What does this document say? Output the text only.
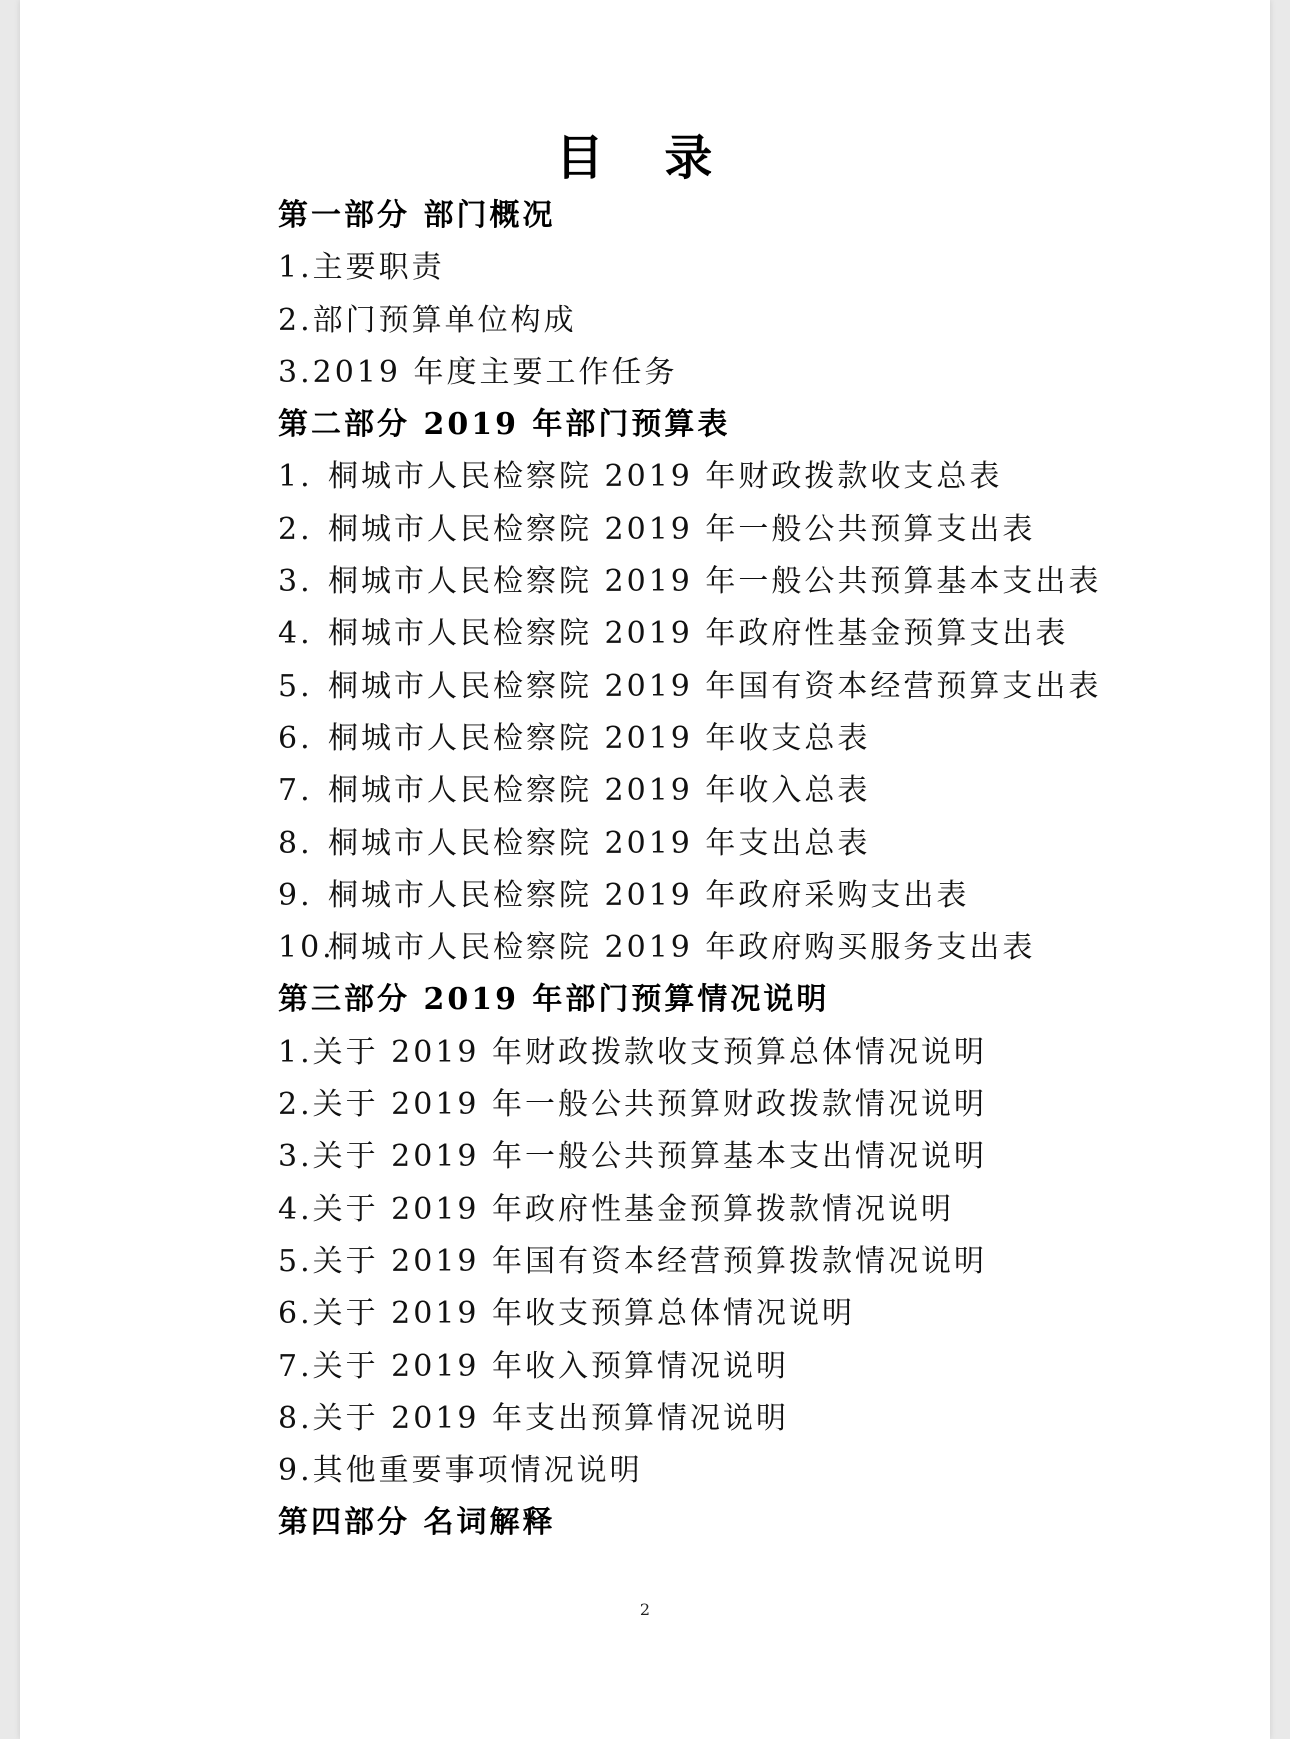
目 录
第一部分 部门概况
1.主要职责
2.部门预算单位构成
3.2019 年度主要工作任务
第二部分 2019 年部门预算表
1. 桐城市人民检察院 2019 年财政拨款收支总表
2. 桐城市人民检察院 2019 年一般公共预算支出表
3. 桐城市人民检察院 2019 年一般公共预算基本支出表
4. 桐城市人民检察院 2019 年政府性基金预算支出表
5. 桐城市人民检察院 2019 年国有资本经营预算支出表
6. 桐城市人民检察院 2019 年收支总表
7. 桐城市人民检察院 2019 年收入总表
8. 桐城市人民检察院 2019 年支出总表
9. 桐城市人民检察院 2019 年政府采购支出表
10.桐城市人民检察院 2019 年政府购买服务支出表
第三部分 2019 年部门预算情况说明
1.关于 2019 年财政拨款收支预算总体情况说明
2.关于 2019 年一般公共预算财政拨款情况说明
3.关于 2019 年一般公共预算基本支出情况说明
4.关于 2019 年政府性基金预算拨款情况说明
5.关于 2019 年国有资本经营预算拨款情况说明
6.关于 2019 年收支预算总体情况说明
7.关于 2019 年收入预算情况说明
8.关于 2019 年支出预算情况说明
9.其他重要事项情况说明
第四部分 名词解释
2
